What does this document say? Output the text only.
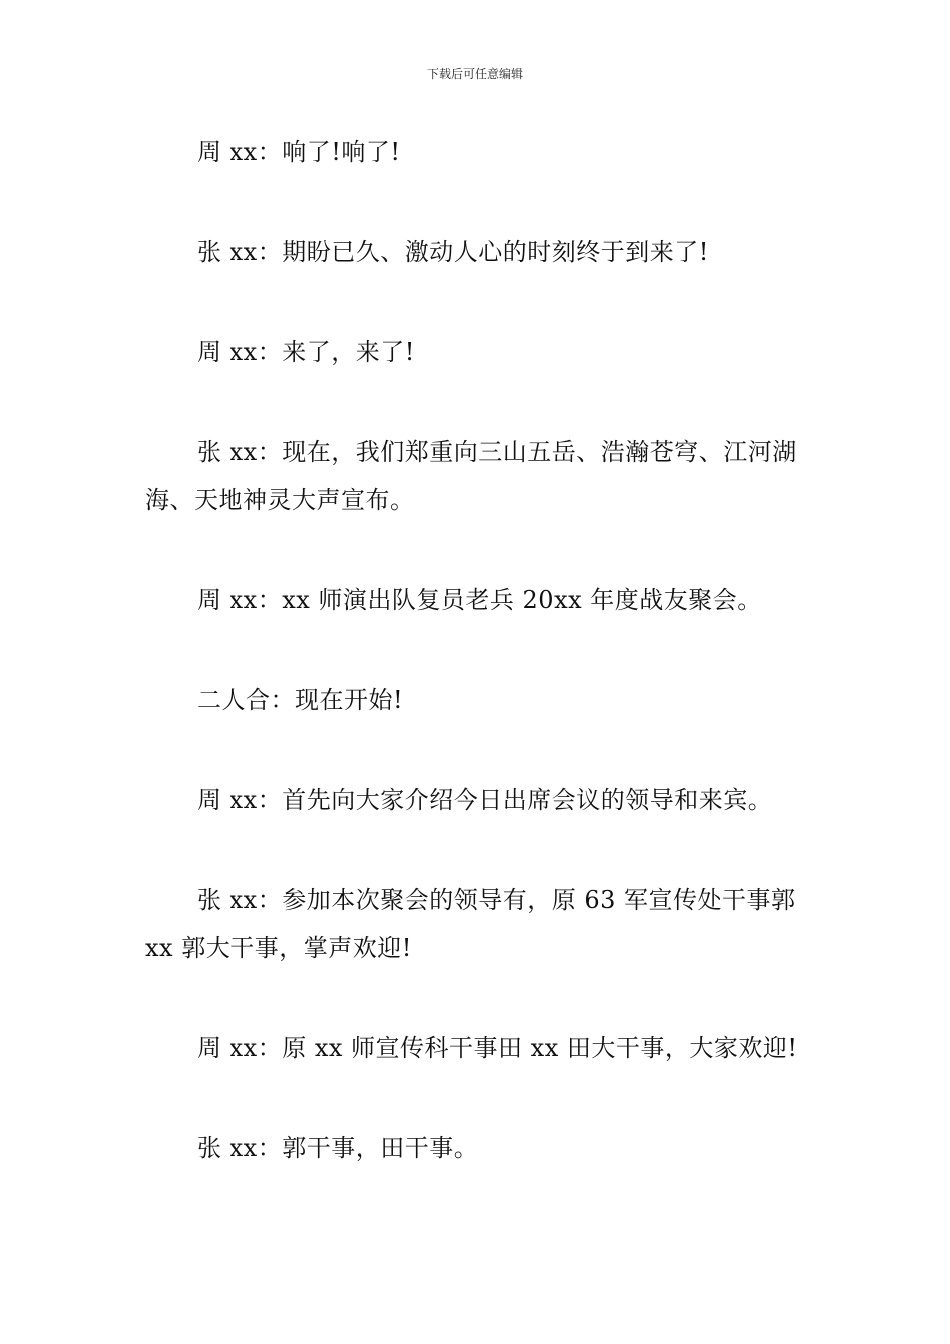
下载后可任意编辑

周 xx：响了!响了!

张 xx：期盼已久、激动人心的时刻终于到来了!

周 xx：来了，来了!

张 xx：现在，我们郑重向三山五岳、浩瀚苍穹、江河湖海、天地神灵大声宣布。

周 xx：xx 师演出队复员老兵 20xx 年度战友聚会。

二人合：现在开始!

周 xx：首先向大家介绍今日出席会议的领导和来宾。

张 xx：参加本次聚会的领导有，原 63 军宣传处干事郭 xx 郭大干事，掌声欢迎!

周 xx：原 xx 师宣传科干事田 xx 田大干事，大家欢迎!

张 xx：郭干事，田干事。
